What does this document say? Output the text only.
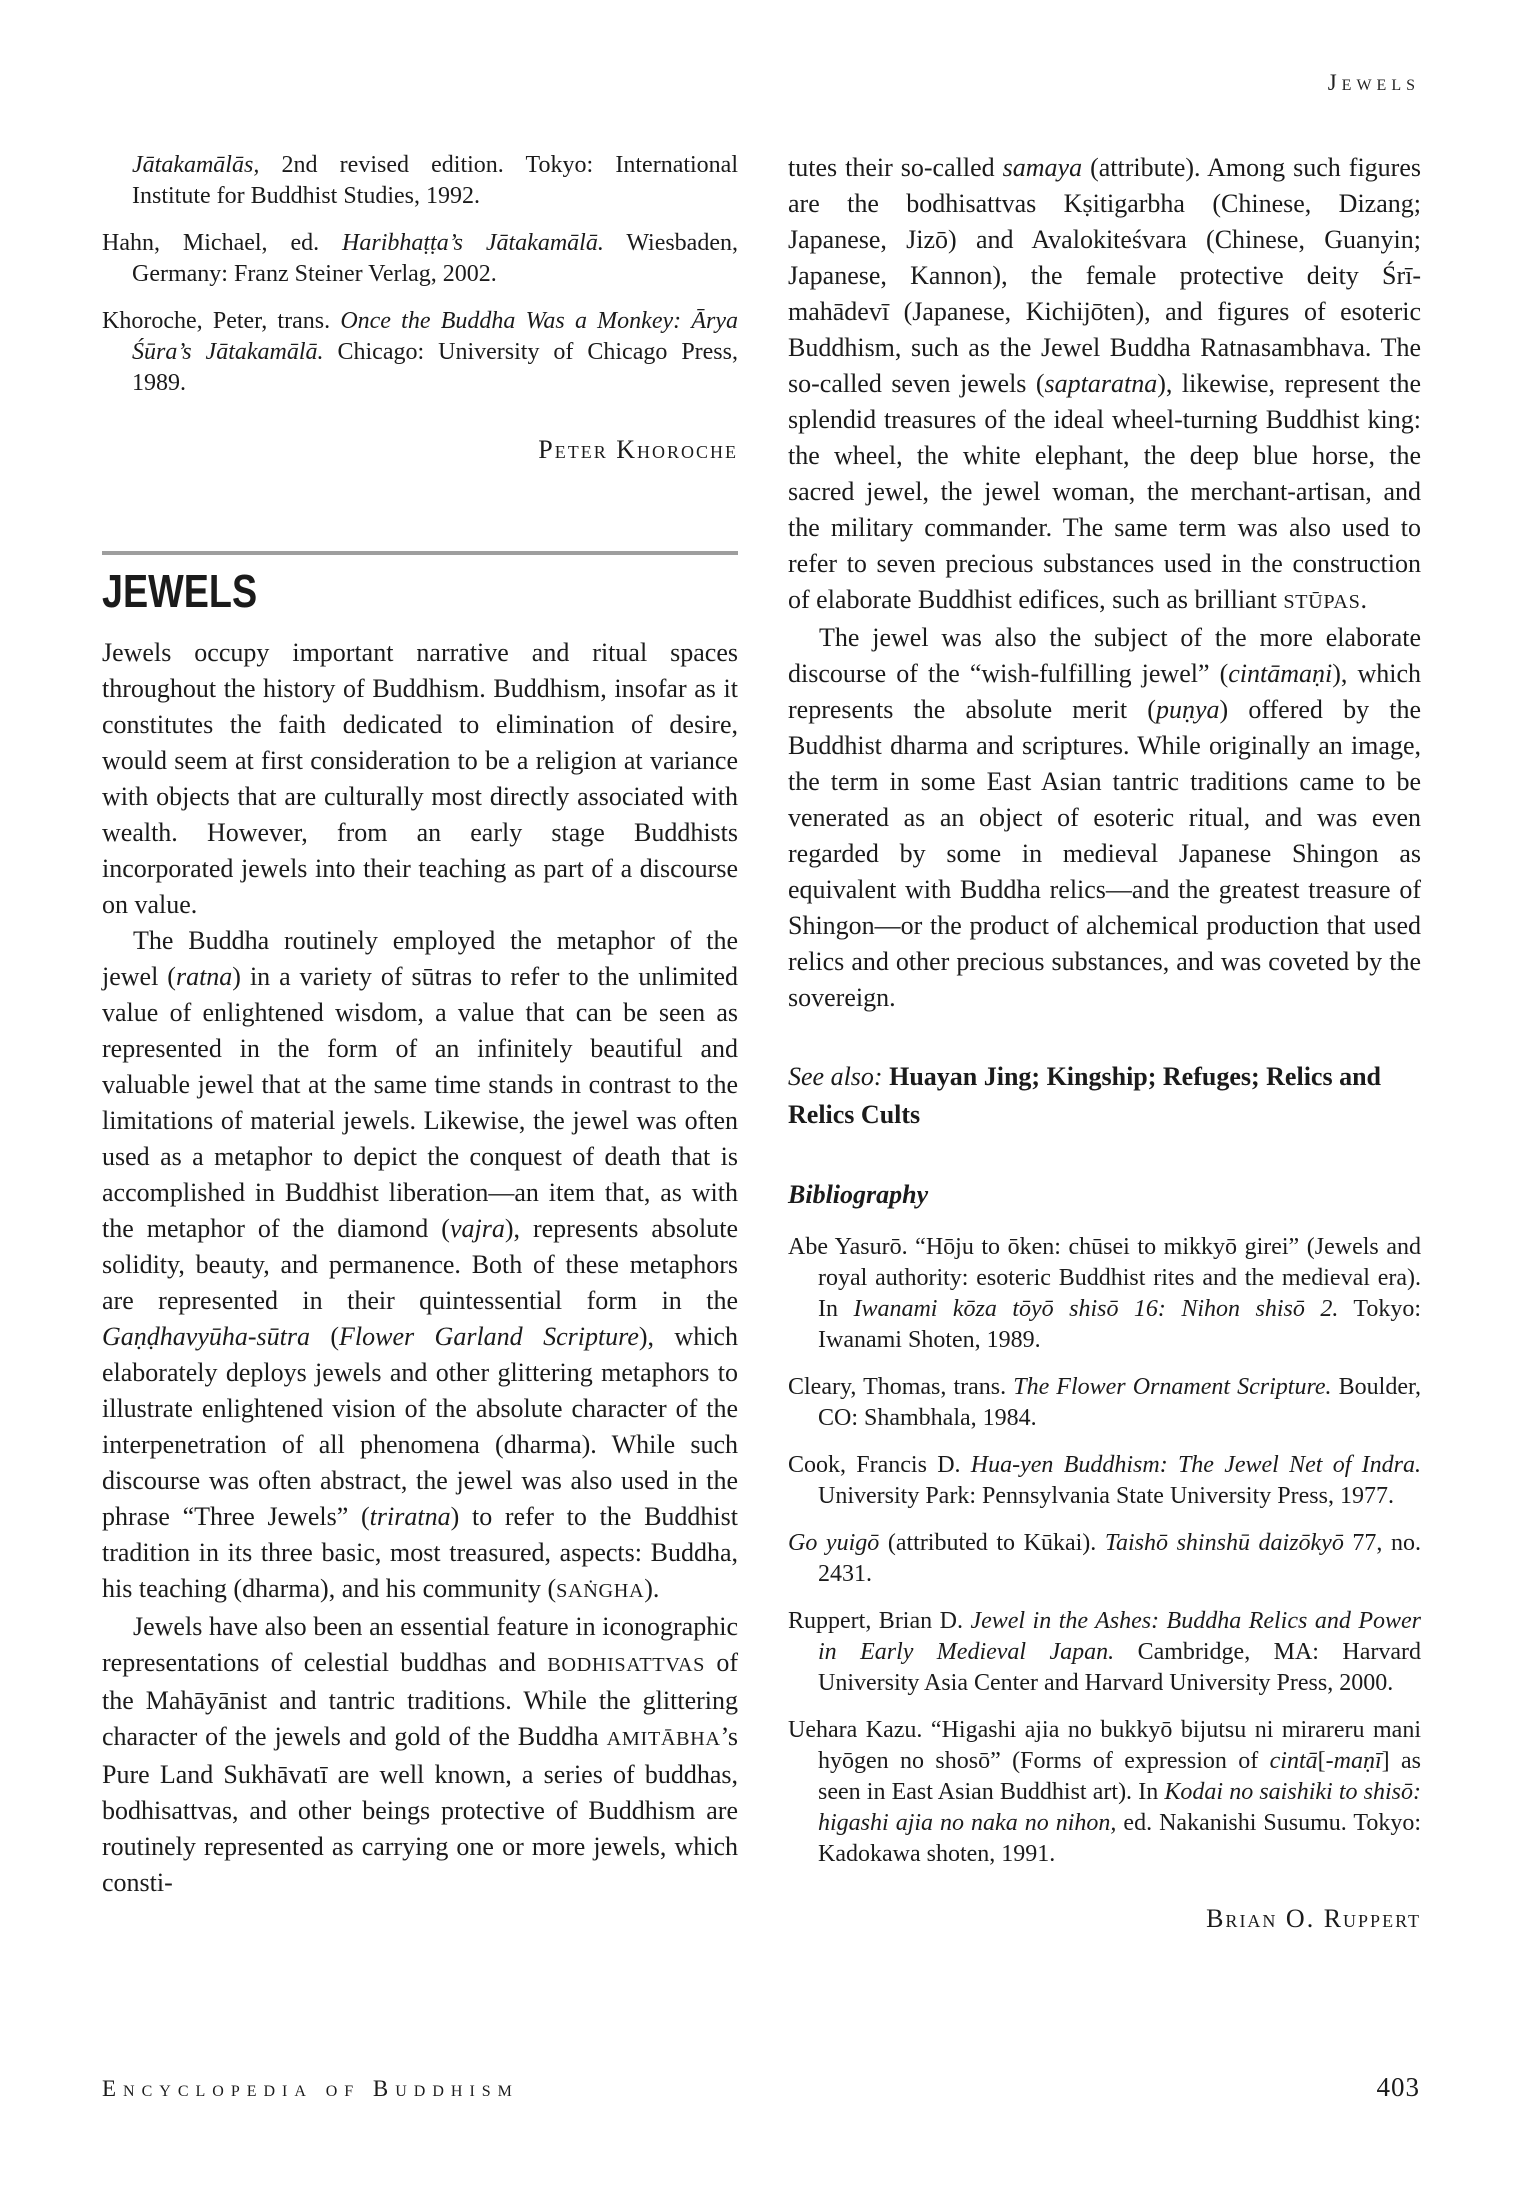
Jewels
Jātakamālās, 2nd revised edition. Tokyo: International Institute for Buddhist Studies, 1992.
Hahn, Michael, ed. Haribhaṭṭa’s Jātakamālā. Wiesbaden, Germany: Franz Steiner Verlag, 2002.
Khoroche, Peter, trans. Once the Buddha Was a Monkey: Ārya Śūra’s Jātakamālā. Chicago: University of Chicago Press, 1989.
Peter Khoroche
JEWELS

Jewels occupy important narrative and ritual spaces throughout the history of Buddhism. Buddhism, insofar as it constitutes the faith dedicated to elimination of desire, would seem at first consideration to be a religion at variance with objects that are culturally most directly associated with wealth. However, from an early stage Buddhists incorporated jewels into their teaching as part of a discourse on value.

The Buddha routinely employed the metaphor of the jewel (ratna) in a variety of sūtras to refer to the unlimited value of enlightened wisdom, a value that can be seen as represented in the form of an infinitely beautiful and valuable jewel that at the same time stands in contrast to the limitations of material jewels. Likewise, the jewel was often used as a metaphor to depict the conquest of death that is accomplished in Buddhist liberation—an item that, as with the metaphor of the diamond (vajra), represents absolute solidity, beauty, and permanence. Both of these metaphors are represented in their quintessential form in the Gaṇḍhavyūha-sūtra (Flower Garland Scripture), which elaborately deploys jewels and other glittering metaphors to illustrate enlightened vision of the absolute character of the interpenetration of all phenomena (dharma). While such discourse was often abstract, the jewel was also used in the phrase “Three Jewels” (triratna) to refer to the Buddhist tradition in its three basic, most treasured, aspects: Buddha, his teaching (dharma), and his community (SAṄGHA).

Jewels have also been an essential feature in iconographic representations of celestial buddhas and BODHISATTVAS of the Mahāyānist and tantric traditions. While the glittering character of the jewels and gold of the Buddha AMITĀBHA’s Pure Land Sukhāvatī are well known, a series of buddhas, bodhisattvas, and other beings protective of Buddhism are routinely represented as carrying one or more jewels, which consti-

tutes their so-called samaya (attribute). Among such figures are the bodhisattvas Kṣitigarbha (Chinese, Dizang; Japanese, Jizō) and Avalokiteśvara (Chinese, Guanyin; Japanese, Kannon), the female protective deity Śrī-mahādevī (Japanese, Kichijōten), and figures of esoteric Buddhism, such as the Jewel Buddha Ratnasambhava. The so-called seven jewels (saptaratna), likewise, represent the splendid treasures of the ideal wheel-turning Buddhist king: the wheel, the white elephant, the deep blue horse, the sacred jewel, the jewel woman, the merchant-artisan, and the military commander. The same term was also used to refer to seven precious substances used in the construction of elaborate Buddhist edifices, such as brilliant STŪPAS.

The jewel was also the subject of the more elaborate discourse of the “wish-fulfilling jewel” (cintāmaṇi), which represents the absolute merit (puṇya) offered by the Buddhist dharma and scriptures. While originally an image, the term in some East Asian tantric traditions came to be venerated as an object of esoteric ritual, and was even regarded by some in medieval Japanese Shingon as equivalent with Buddha relics—and the greatest treasure of Shingon—or the product of alchemical production that used relics and other precious substances, and was coveted by the sovereign.

See also: Huayan Jing; Kingship; Refuges; Relics and Relics Cults
Bibliography
Abe Yasurō. “Hōju to ōken: chūsei to mikkyō girei” (Jewels and royal authority: esoteric Buddhist rites and the medieval era). In Iwanami kōza tōyō shisō 16: Nihon shisō 2. Tokyo: Iwanami Shoten, 1989.
Cleary, Thomas, trans. The Flower Ornament Scripture. Boulder, CO: Shambhala, 1984.
Cook, Francis D. Hua-yen Buddhism: The Jewel Net of Indra. University Park: Pennsylvania State University Press, 1977.
Go yuigō (attributed to Kūkai). Taishō shinshū daizōkyō 77, no. 2431.
Ruppert, Brian D. Jewel in the Ashes: Buddha Relics and Power in Early Medieval Japan. Cambridge, MA: Harvard University Asia Center and Harvard University Press, 2000.
Uehara Kazu. “Higashi ajia no bukkyō bijutsu ni mirareru mani hyōgen no shosō” (Forms of expression of cintā[-maṇī] as seen in East Asian Buddhist art). In Kodai no saishiki to shisō: higashi ajia no naka no nihon, ed. Nakanishi Susumu. Tokyo: Kadokawa shoten, 1991.
Brian O. Ruppert
Encyclopedia of Buddhism	403
